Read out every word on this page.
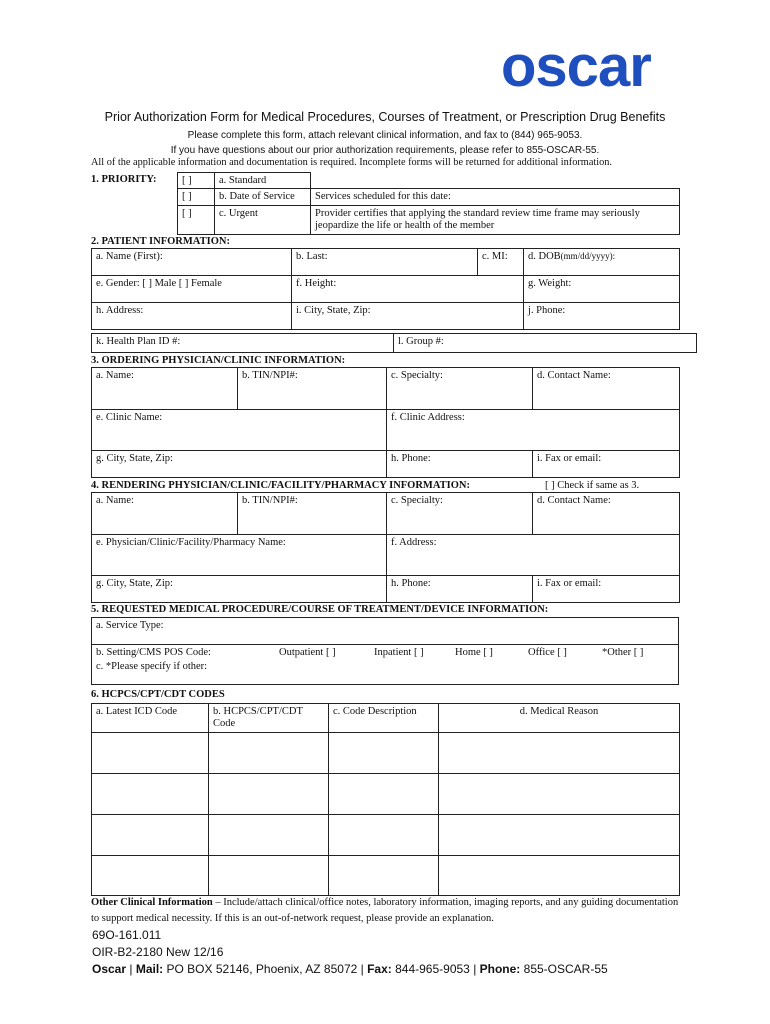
oscar
Prior Authorization Form for Medical Procedures, Courses of Treatment, or Prescription Drug Benefits
Please complete this form, attach relevant clinical information, and fax to (844) 965-9053.
If you have questions about our prior authorization requirements, please refer to 855-OSCAR-55.
All of the applicable information and documentation is required. Incomplete forms will be returned for additional information.
1. PRIORITY: [ ]	a. Standard	
[ ]	b. Date of Service	Services scheduled for this date:
[ ]	c. Urgent	Provider certifies that applying the standard review time frame may seriously jeopardize the life or health of the member
2. PATIENT INFORMATION:
a. Name (First):	b. Last:	c. MI:	d. DOB(mm/dd/yyyy):
e. Gender: [ ] Male [ ] Female	f. Height:		g. Weight:
h. Address:	i. City, State, Zip:		j. Phone:
k. Health Plan ID #:	l. Group #:
3. ORDERING PHYSICIAN/CLINIC INFORMATION:
a. Name:	b. TIN/NPI#:	c. Specialty:	d. Contact Name:
e. Clinic Name:		f. Clinic Address:	
g. City, State, Zip:		h. Phone:	i. Fax or email:
4. RENDERING PHYSICIAN/CLINIC/FACILITY/PHARMACY INFORMATION:	[ ] Check if same as 3.
a. Name:	b. TIN/NPI#:	c. Specialty:	d. Contact Name:
e. Physician/Clinic/Facility/Pharmacy Name:		f. Address:	
g. City, State, Zip:		h. Phone:	i. Fax or email:
5. REQUESTED MEDICAL PROCEDURE/COURSE OF TREATMENT/DEVICE INFORMATION:
a. Service Type:

b. Setting/CMS POS Code:	Outpatient [ ]	Inpatient [ ]	Home [ ]	Office [ ]	*Other [ ]
c. *Please specify if other:
6. HCPCS/CPT/CDT CODES
a. Latest ICD Code	b. HCPCS/CPT/CDT Code	c. Code Description	d. Medical Reason

Other Clinical Information – Include/attach clinical/office notes, laboratory information, imaging reports, and any guiding documentation to support medical necessity. If this is an out-of-network request, please provide an explanation.
69O-161.011
OIR-B2-2180 New 12/16
Oscar | Mail: PO BOX 52146, Phoenix, AZ 85072 | Fax: 844-965-9053 | Phone: 855-OSCAR-55
